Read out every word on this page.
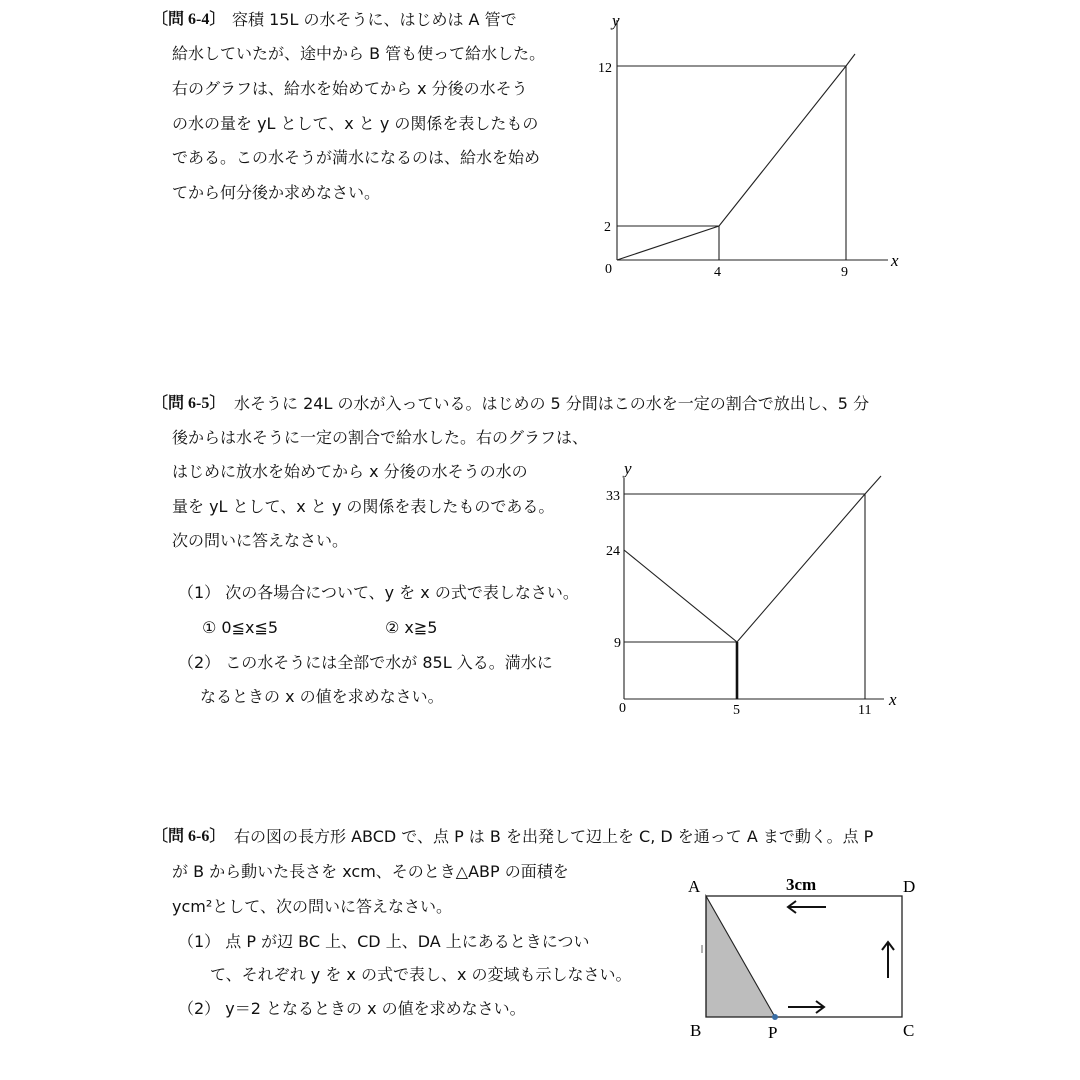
〔問 6-4〕 容積 15L の水そうに、はじめは A 管で
給水していたが、途中から B 管も使って給水した。
右のグラフは、給水を始めてから x 分後の水そう
の水の量を yL として、x と y の関係を表したもの
である。この水そうが満水になるのは、給水を始め
てから何分後か求めなさい。
y
x
12
2
0	4	9
〔問 6-5〕 水そうに 24L の水が入っている。はじめの 5 分間はこの水を一定の割合で放出し、5 分
後からは水そうに一定の割合で給水した。右のグラフは、
はじめに放水を始めてから x 分後の水そうの水の
量を yL として、x と y の関係を表したものである。
次の問いに答えなさい。
（1） 次の各場合について、y を x の式で表しなさい。
① 0≦x≦5	② x≧5
（2） この水そうには全部で水が 85L 入る。満水に
なるときの x の値を求めなさい。
y
x
33
24
9
0	5	11
〔問 6-6〕 右の図の長方形 ABCD で、点 P は B を出発して辺上を C, D を通って A まで動く。点 P
が B から動いた長さを xcm、そのとき△ABP の面積を
ycm²として、次の問いに答えなさい。
（1） 点 P が辺 BC 上、CD 上、DA 上にあるときについ
て、それぞれ y を x の式で表し、x の変域も示しなさい。
（2） y＝2 となるときの x の値を求めなさい。
A	D
B	C
P
3cm
